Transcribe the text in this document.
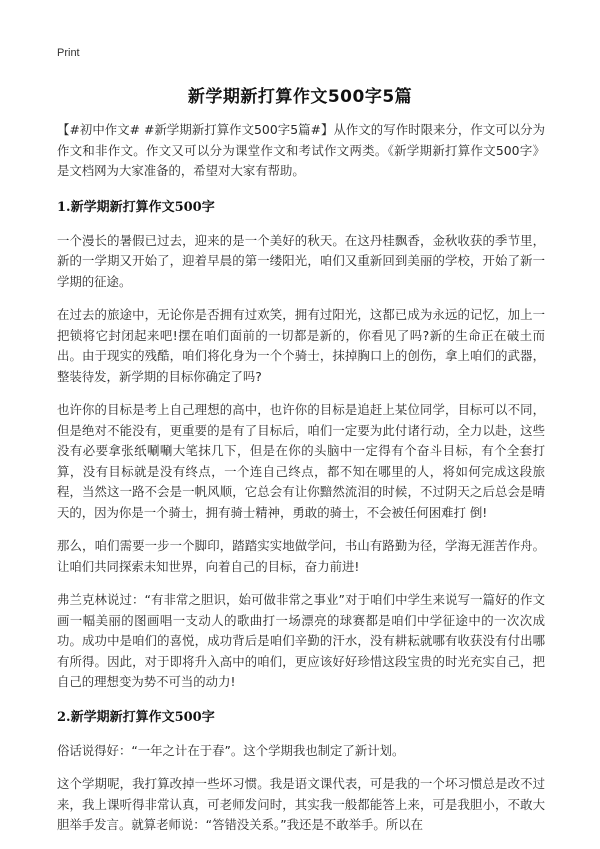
Print
新学期新打算作文500字5篇

【#初中作文# #新学期新打算作文500字5篇#】从作文的写作时限来分，作文可以分为作文和非作文。作文又可以分为课堂作文和考试作文两类。《新学期新打算作文500字》是文档网为大家准备的，希望对大家有帮助。

1.新学期新打算作文500字

一个漫长的暑假已过去，迎来的是一个美好的秋天。在这丹桂飘香，金秋收获的季节里，新的一学期又开始了，迎着早晨的第一缕阳光，咱们又重新回到美丽的学校，开始了新一学期的征途。

在过去的旅途中，无论你是否拥有过欢笑，拥有过阳光，这都已成为永远的记忆，加上一把锁将它封闭起来吧!摆在咱们面前的一切都是新的，你看见了吗?新的生命正在破土而出。由于现实的残酷，咱们将化身为一个个骑士，抹掉胸口上的创伤，拿上咱们的武器，整装待发，新学期的目标你确定了吗?

也许你的目标是考上自己理想的高中，也许你的目标是追赶上某位同学，目标可以不同，但是绝对不能没有，更重要的是有了目标后，咱们一定要为此付诸行动，全力以赴，这些没有必要拿张纸唰唰大笔抹几下，但是在你的头脑中一定得有个奋斗目标，有个全套打算，没有目标就是没有终点，一个连自己终点，都不知在哪里的人，将如何完成这段旅程，当然这一路不会是一帆风顺，它总会有让你黯然流泪的时候，不过阴天之后总会是晴天的，因为你是一个骑士，拥有骑士精神，勇敢的骑士，不会被任何困难打 倒!

那么，咱们需要一步一个脚印，踏踏实实地做学问，书山有路勤为径，学海无涯苦作舟。让咱们共同探索未知世界，向着自己的目标，奋力前进!

弗兰克林说过：“有非常之胆识，始可做非常之事业”对于咱们中学生来说写一篇好的作文画一幅美丽的图画唱一支动人的歌曲打一场漂亮的球赛都是咱们中学征途中的一次次成功。成功中是咱们的喜悦，成功背后是咱们辛勤的汗水，没有耕耘就哪有收获没有付出哪有所得。因此，对于即将升入高中的咱们，更应该好好珍惜这段宝贵的时光充实自己，把自己的理想变为势不可当的动力!

2.新学期新打算作文500字

俗话说得好：“一年之计在于春”。这个学期我也制定了新计划。

这个学期呢，我打算改掉一些坏习惯。我是语文课代表，可是我的一个坏习惯总是改不过来，我上课听得非常认真，可老师发问时，其实我一般都能答上来，可是我胆小，不敢大胆举手发言。就算老师说：“答错没关系。”我还是不敢举手。所以在
